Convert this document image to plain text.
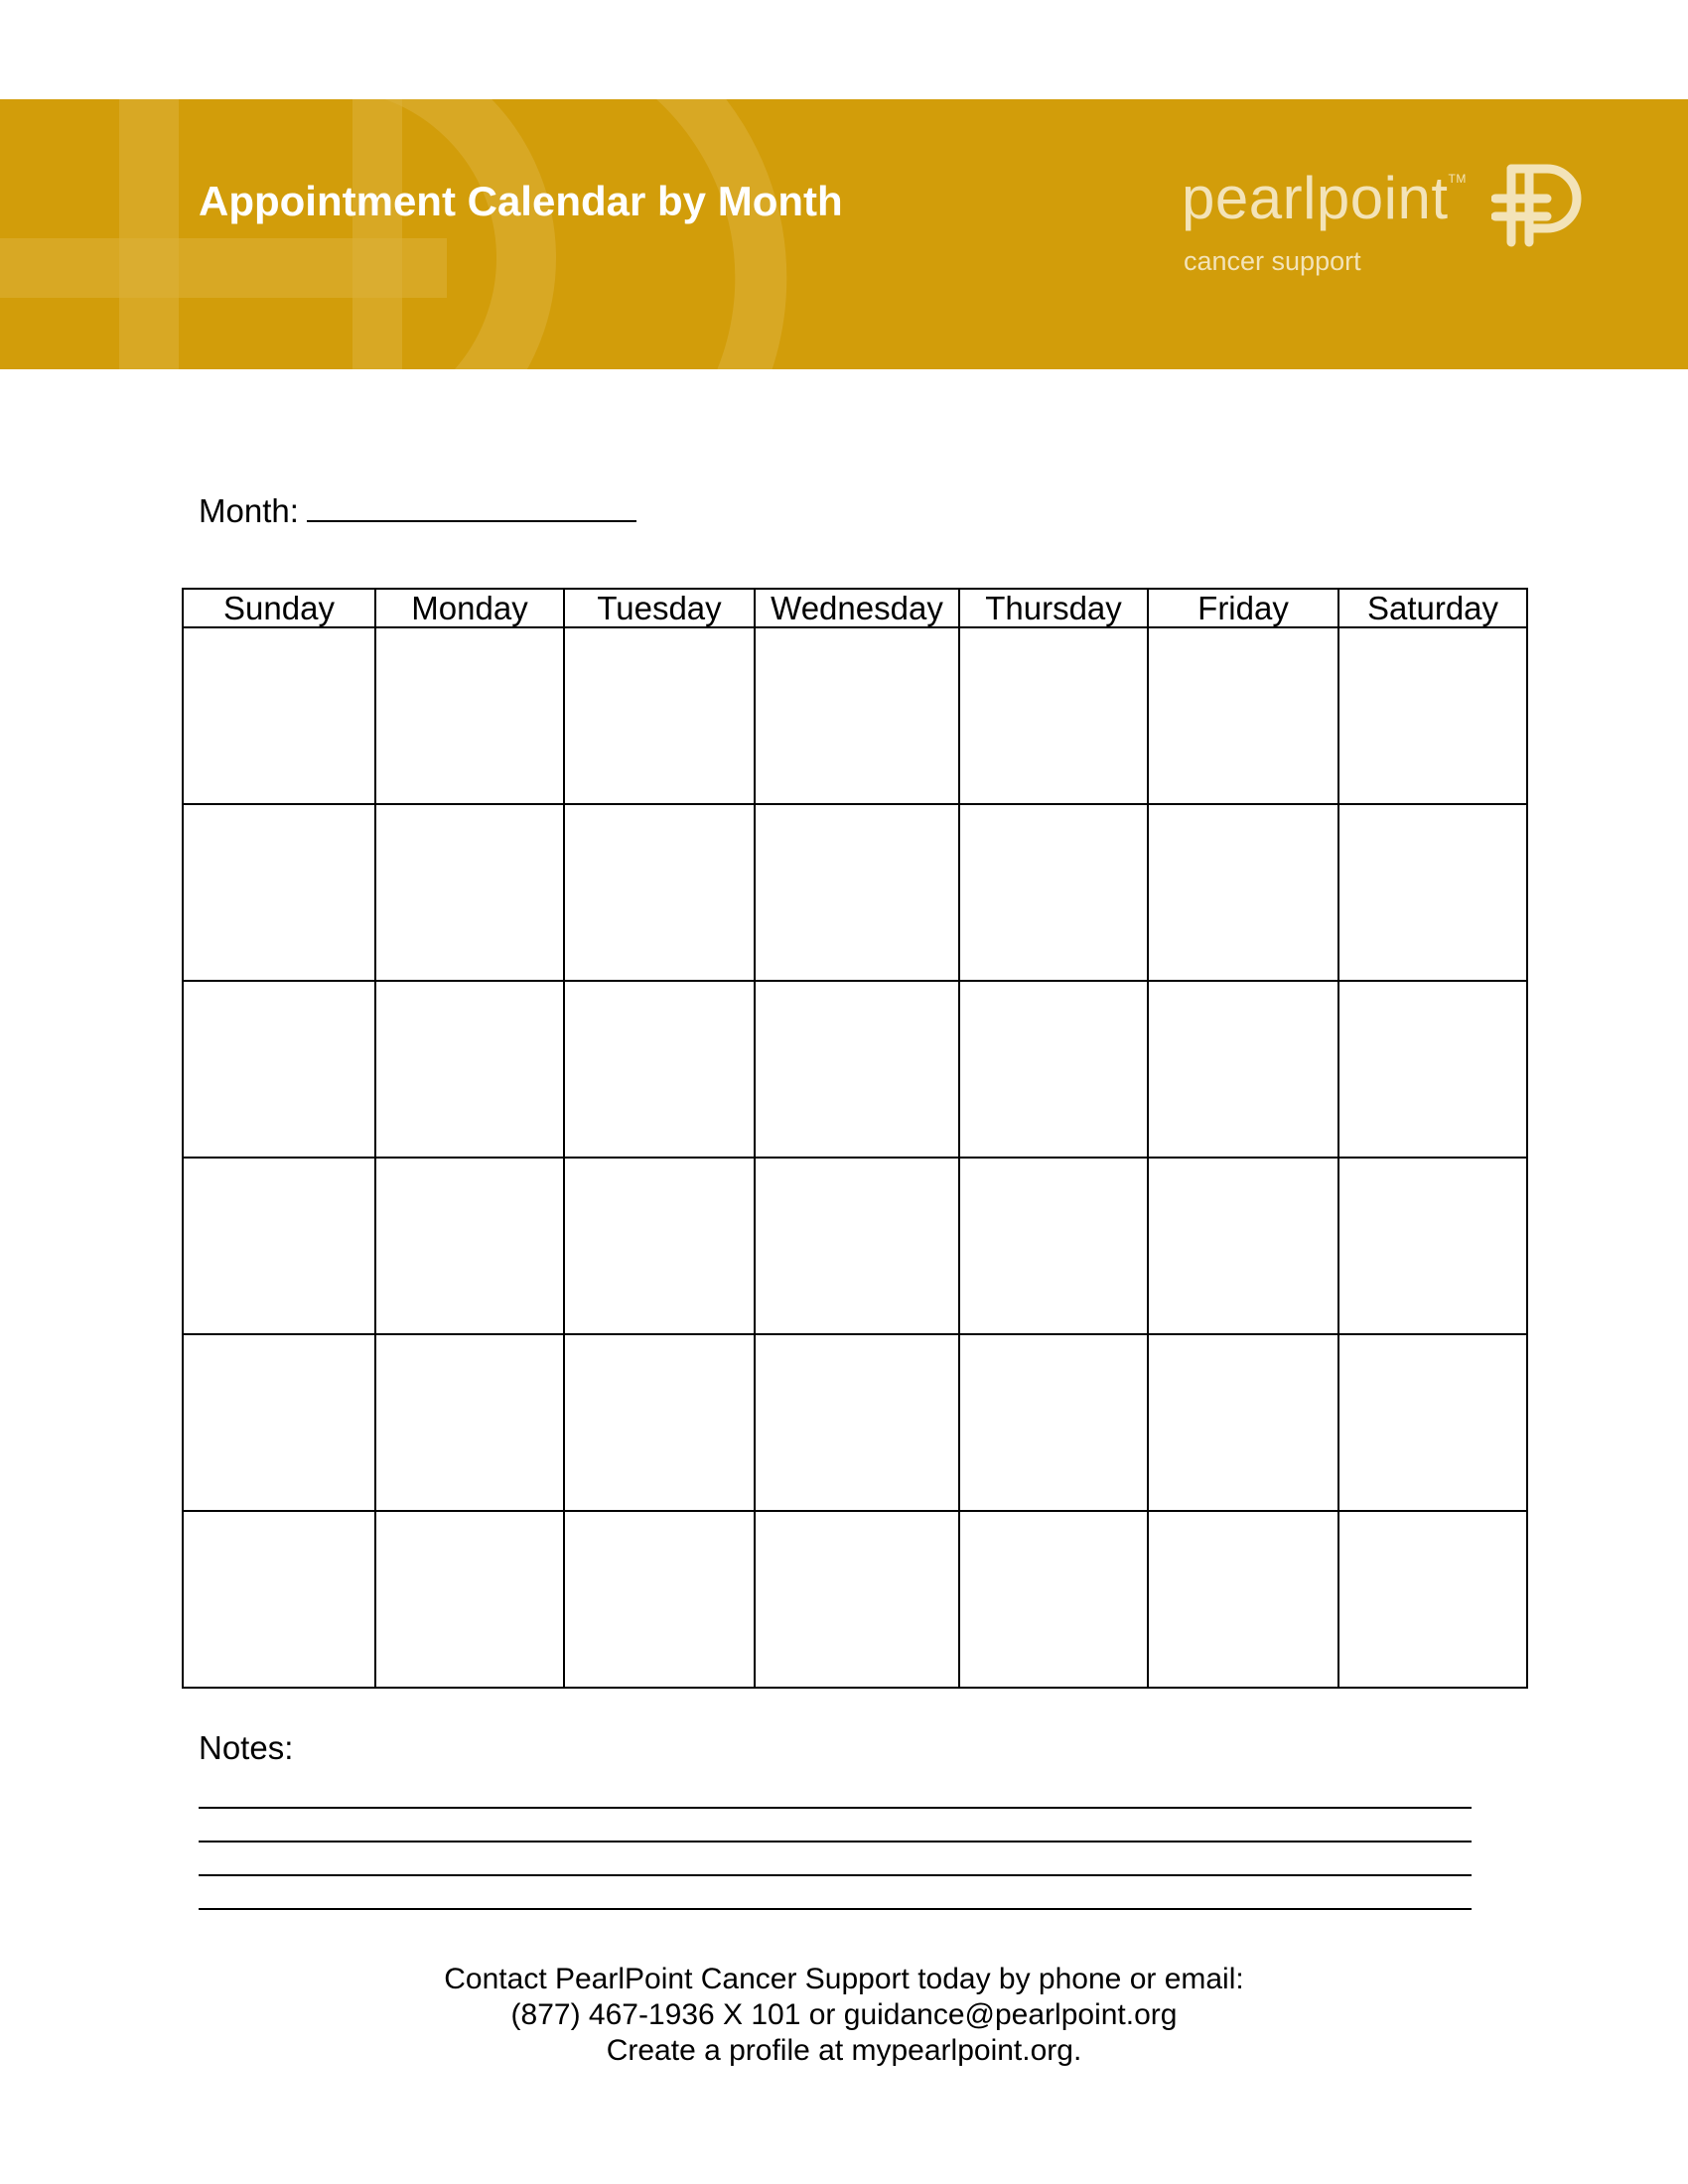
Appointment Calendar by Month	pearlpoint™
cancer support
Month:
Sunday	Monday	Tuesday	Wednesday	Thursday	Friday	Saturday

Notes:
Contact PearlPoint Cancer Support today by phone or email:
(877) 467-1936 X 101 or guidance@pearlpoint.org
Create a profile at mypearlpoint.org.
